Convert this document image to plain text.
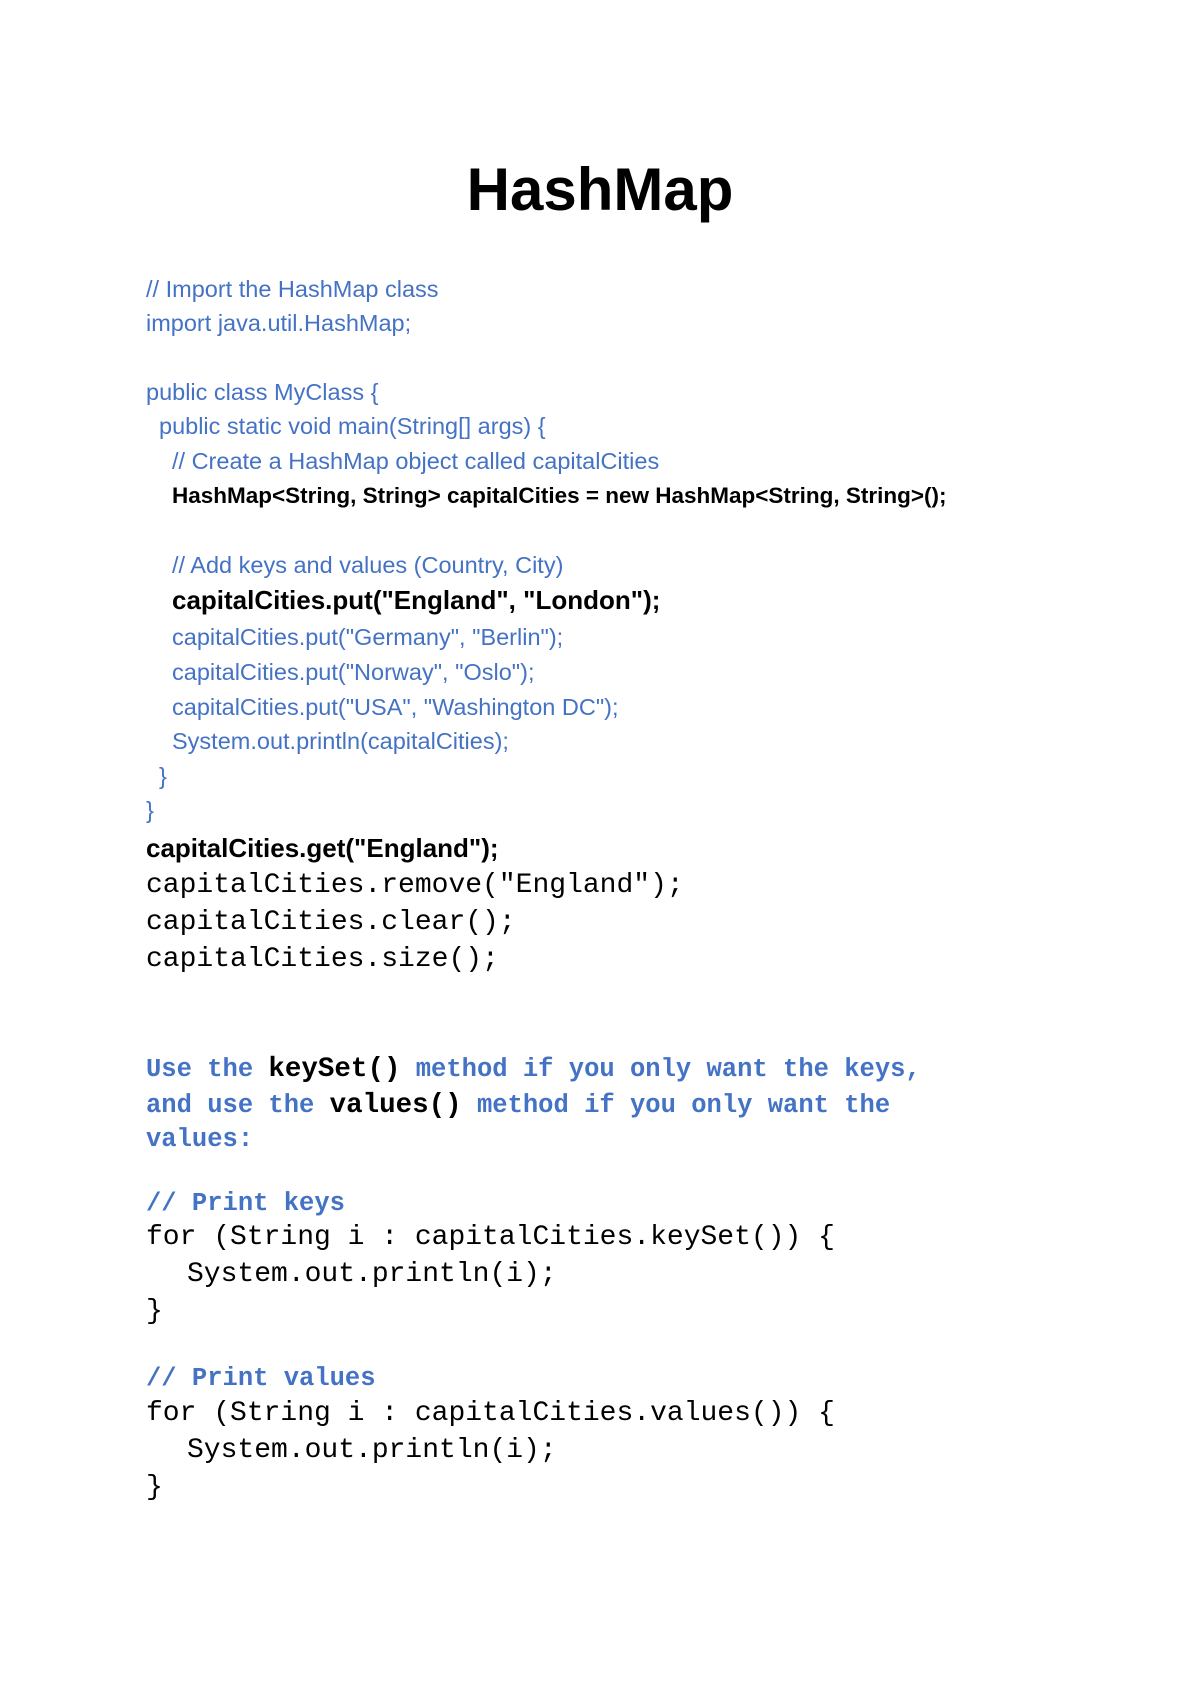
HashMap

// Import the HashMap class

import java.util.HashMap;

public class MyClass {

public static void main(String[] args) {

// Create a HashMap object called capitalCities

HashMap<String, String> capitalCities = new HashMap<String, String>();

// Add keys and values (Country, City)

capitalCities.put("England", "London");

capitalCities.put("Germany", "Berlin");

capitalCities.put("Norway", "Oslo");

capitalCities.put("USA", "Washington DC");

System.out.println(capitalCities);

}

}

capitalCities.get("England");

capitalCities.remove("England");

capitalCities.clear();

capitalCities.size();

Use the keySet() method if you only want the keys,

and use the values() method if you only want the

values:

// Print keys

for (String i : capitalCities.keySet()) {

System.out.println(i);

}

// Print values

for (String i : capitalCities.values()) {

System.out.println(i);

}
